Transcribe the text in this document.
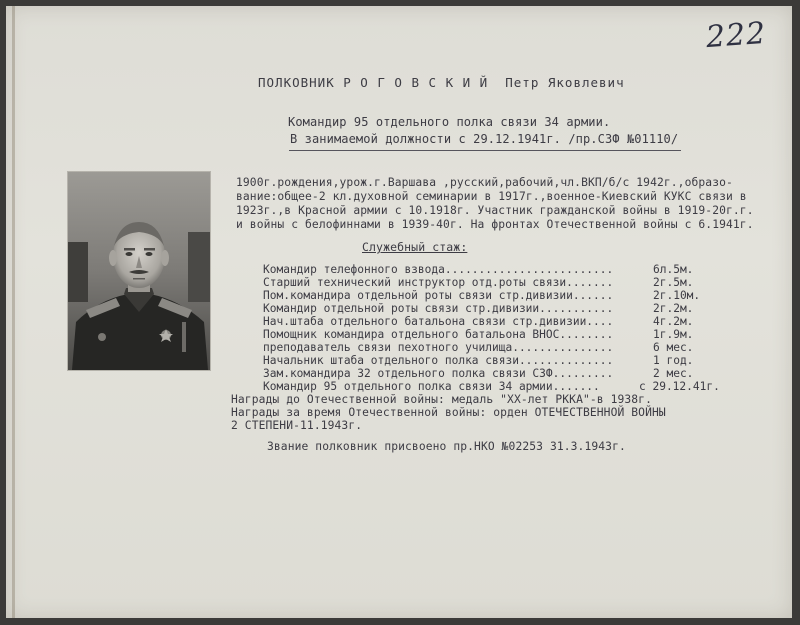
222
ПОЛКОВНИК Р О Г О В С К И Й  Петр Яковлевич
Командир 95 отдельного полка связи 34 армии.
В занимаемой должности с 29.12.1941г. /пр.СЗФ №01110/
1900г.рождения,урож.г.Варшава ,русский,рабочий,чл.ВКП/б/с 1942г.,образо-
вание:общее-2 кл.духовной семинарии в 1917г.,военное-Киевский КУКС связи в
1923г.,в Красной армии с 10.1918г. Участник гражданской войны в 1919-20г.г.
и войны с белофиннами в 1939-40г. На фронтах Отечественной войны с 6.1941г.
Служебный стаж:
Командир телефонного взвода.........................	6л.5м.
Старший технический инструктор отд.роты связи.......	2г.5м.
Пом.командира отдельной роты связи стр.дивизии......	2г.10м.
Командир отдельной роты связи стр.дивизии...........	2г.2м.
Нач.штаба отдельного батальона связи стр.дивизии....	4г.2м.
Помощник командира отдельного батальона ВНОС........	1г.9м.
преподаватель связи пехотного училища...............	6 мес.
Начальник штаба отдельного полка связи..............	1 год.
Зам.командира 32 отдельного полка связи СЗФ.........	2 мес.
Командир 95 отдельного полка связи 34 армии.......	с 29.12.41г.
Награды до Отечественной войны: медаль "ХХ-лет РККА"-в 1938г.
Награды за время Отечественной войны: орден ОТЕЧЕСТВЕННОЙ ВОЙНЫ
2 СТЕПЕНИ-11.1943г.
Звание полковник присвоено пр.НКО №02253 31.3.1943г.
